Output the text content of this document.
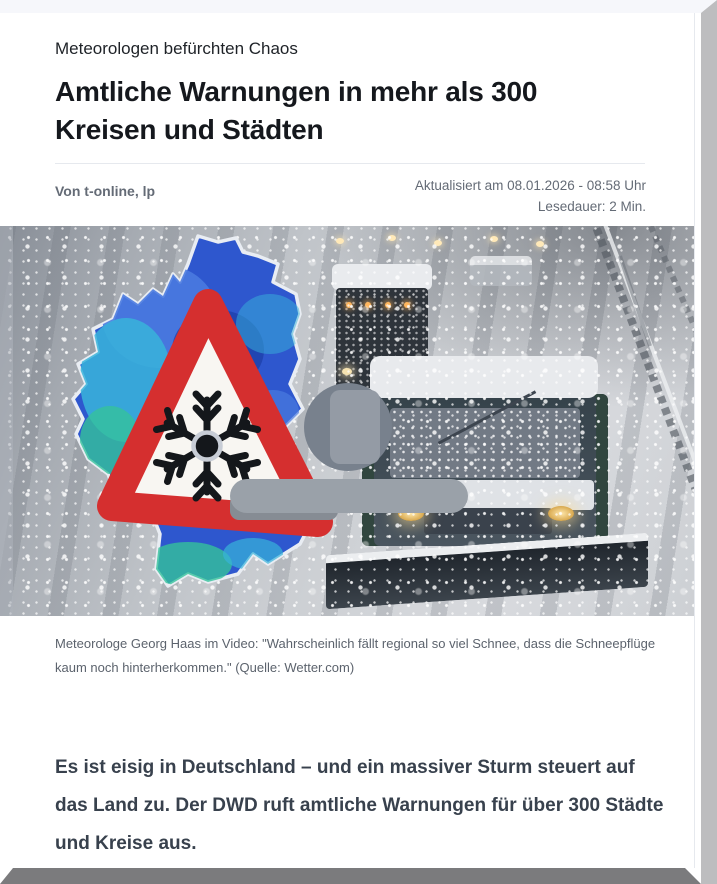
Meteorologen befürchten Chaos
Amtliche Warnungen in mehr als 300 Kreisen und Städten
Von t-online, lp	Aktualisiert am 08.01.2026 - 08:58 Uhr
Lesedauer: 2 Min.
Meteorologe Georg Haas im Video: "Wahrscheinlich fällt regional so viel Schnee, dass die Schneepflüge kaum noch hinterherkommen." (Quelle: Wetter.com)

Es ist eisig in Deutschland – und ein massiver Sturm steuert auf das Land zu. Der DWD ruft amtliche Warnungen für über 300 Städte und Kreise aus.
